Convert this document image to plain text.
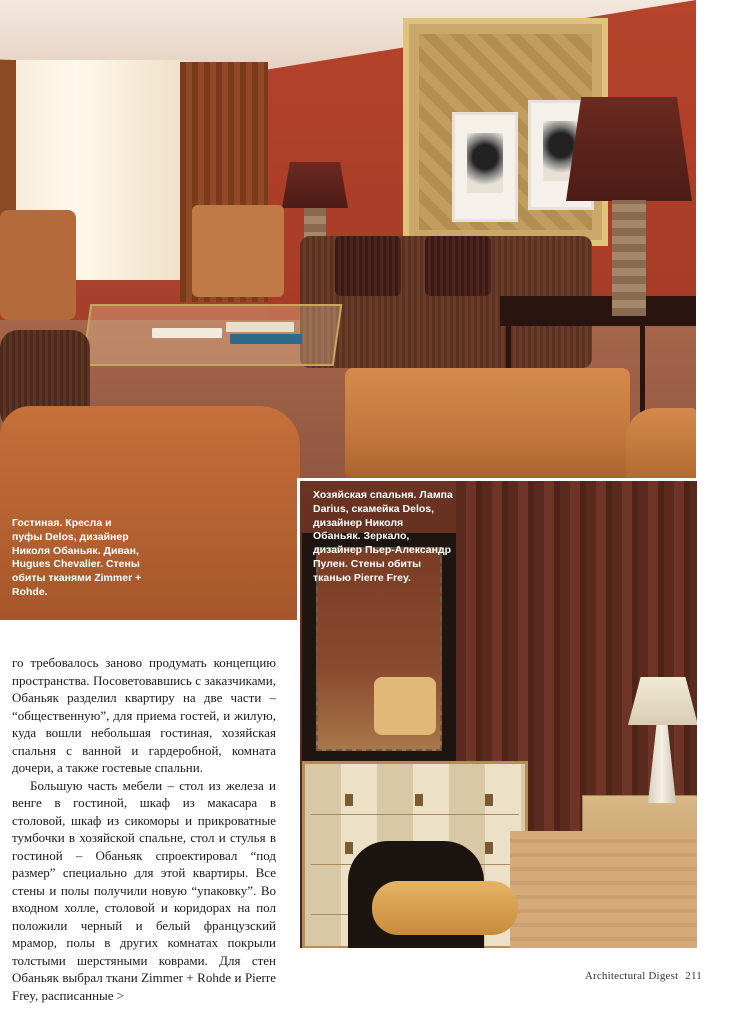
Гостиная. Кресла и пуфы Delos, дизайнер Николя Обаньяк. Диван, Hugues Chevalier. Стены обиты тканями Zimmer + Rohde.

Хозяйская спальня. Лампа Darius, скамейка Delos, дизайнер Николя Обаньяк. Зеркало, дизайнер Пьер-Александр Пулен. Стены обиты тканью Pierre Frey.

го требовалось заново продумать концепцию пространства. Посоветовавшись с заказчиками, Обаньяк разделил квартиру на две части – “общественную”, для приема гостей, и жилую, куда вошли небольшая гостиная, хозяйская спальня с ванной и гардеробной, комната дочери, а также гостевые спальни.

Большую часть мебели – стол из железа и венге в гостиной, шкаф из макасара в столовой, шкаф из сикоморы и прикроватные тумбочки в хозяйской спальне, стол и стулья в гостиной – Обаньяк спроектировал “под размер” специально для этой квартиры. Все стены и полы получили новую “упаковку”. Во входном холле, столовой и коридорах на пол положили черный и белый французский мрамор, полы в других комнатах покрыли толстыми шерстяными коврами. Для стен Обаньяк выбрал ткани Zimmer + Rohde и Pierre Frey, расписанные >

Architectural Digest 211
